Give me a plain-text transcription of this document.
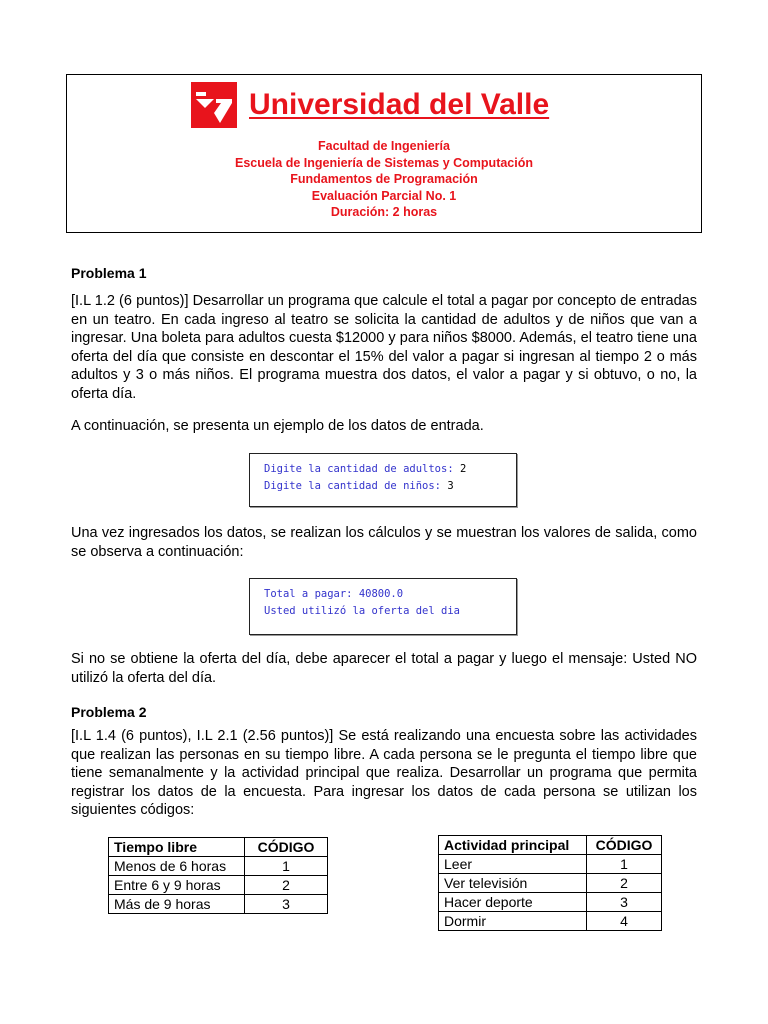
Universidad del Valle
Facultad de Ingeniería
Escuela de Ingeniería de Sistemas y Computación
Fundamentos de Programación
Evaluación Parcial No. 1
Duración: 2 horas
Problema 1
[I.L 1.2 (6 puntos)] Desarrollar un programa que calcule el total a pagar por concepto de entradas en un teatro. En cada ingreso al teatro se solicita la cantidad de adultos y de niños que van a ingresar. Una boleta para adultos cuesta $12000 y para niños $8000. Además, el teatro tiene una oferta del día que consiste en descontar el 15% del valor a pagar si ingresan al tiempo 2 o más adultos y 3 o más niños. El programa muestra dos datos, el valor a pagar y si obtuvo, o no, la oferta día.
A continuación, se presenta un ejemplo de los datos de entrada.
Digite la cantidad de adultos: 2
Digite la cantidad de niños: 3
Una vez ingresados los datos, se realizan los cálculos y se muestran los valores de salida, como se observa a continuación:
Total a pagar: 40800.0
Usted utilizó la oferta del dia
Si no se obtiene la oferta del día, debe aparecer el total a pagar y luego el mensaje: Usted NO utilizó la oferta del día.
Problema 2
[I.L 1.4 (6 puntos), I.L 2.1 (2.56 puntos)] Se está realizando una encuesta sobre las actividades que realizan las personas en su tiempo libre. A cada persona se le pregunta el tiempo libre que tiene semanalmente y la actividad principal que realiza. Desarrollar un programa que permita registrar los datos de la encuesta. Para ingresar los datos de cada persona se utilizan los siguientes códigos:
Tiempo libre	CÓDIGO
Menos de 6 horas	1
Entre 6 y 9 horas	2
Más de 9 horas	3
Actividad principal	CÓDIGO
Leer	1
Ver televisión	2
Hacer deporte	3
Dormir	4
